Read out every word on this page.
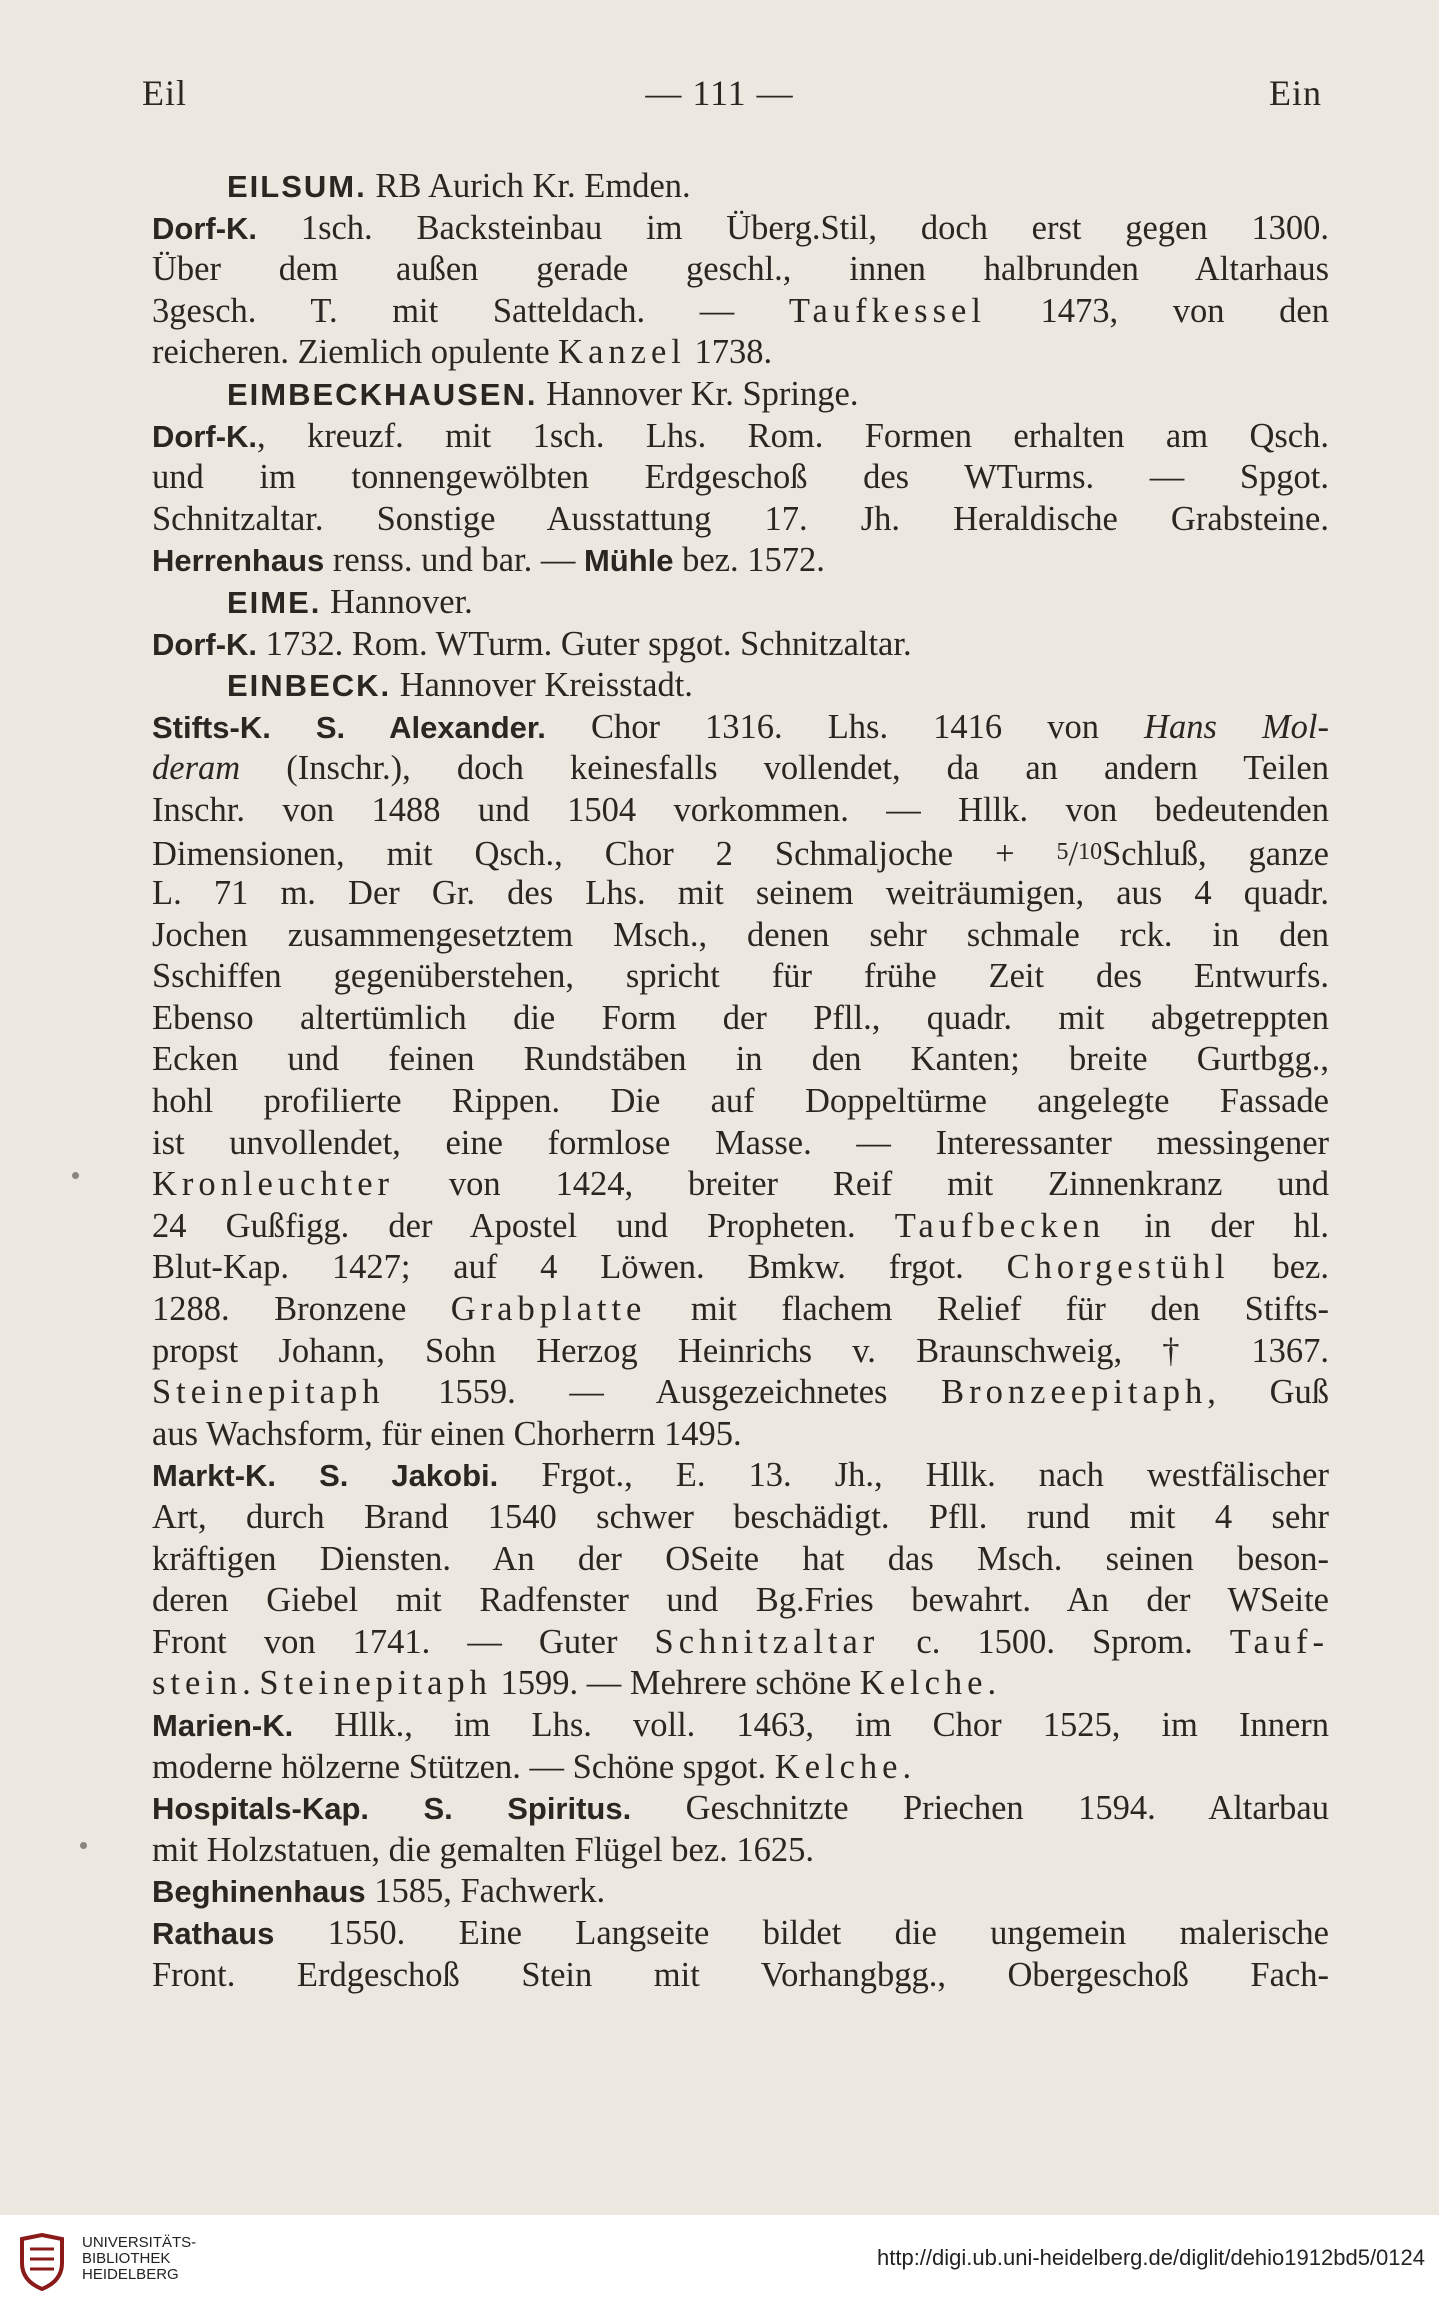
Eil	— 111 —	Ein
EILSUM. RB Aurich Kr. Emden.
Dorf-K. 1sch. Backsteinbau im Überg.Stil, doch erst gegen 1300.
Über dem außen gerade geschl., innen halbrunden Altarhaus
3gesch. T. mit Satteldach. — Taufkessel 1473, von den
reicheren. Ziemlich opulente Kanzel 1738.
EIMBECKHAUSEN. Hannover Kr. Springe.
Dorf-K., kreuzf. mit 1sch. Lhs. Rom. Formen erhalten am Qsch.
und im tonnengewölbten Erdgeschoß des WTurms. — Spgot.
Schnitzaltar. Sonstige Ausstattung 17. Jh. Heraldische Grabsteine.
Herrenhaus renss. und bar. — Mühle bez. 1572.
EIME. Hannover.
Dorf-K. 1732. Rom. WTurm. Guter spgot. Schnitzaltar.
EINBECK. Hannover Kreisstadt.
Stifts-K. S. Alexander. Chor 1316. Lhs. 1416 von Hans Mol-
deram (Inschr.), doch keinesfalls vollendet, da an andern Teilen
Inschr. von 1488 und 1504 vorkommen. — Hllk. von bedeutenden
Dimensionen, mit Qsch., Chor 2 Schmaljoche + 5/10Schluß, ganze
L. 71 m. Der Gr. des Lhs. mit seinem weiträumigen, aus 4 quadr.
Jochen zusammengesetztem Msch., denen sehr schmale rck. in den
Sschiffen gegenüberstehen, spricht für frühe Zeit des Entwurfs.
Ebenso altertümlich die Form der Pfll., quadr. mit abgetreppten
Ecken und feinen Rundstäben in den Kanten; breite Gurtbgg.,
hohl profilierte Rippen. Die auf Doppeltürme angelegte Fassade
ist unvollendet, eine formlose Masse. — Interessanter messingener
Kronleuchter von 1424, breiter Reif mit Zinnenkranz und
24 Gußfigg. der Apostel und Propheten. Taufbecken in der hl.
Blut-Kap. 1427; auf 4 Löwen. Bmkw. frgot. Chorgestühl bez.
1288. Bronzene Grabplatte mit flachem Relief für den Stifts-
propst Johann, Sohn Herzog Heinrichs v. Braunschweig, † 1367.
Steinepitaph 1559. — Ausgezeichnetes Bronzeepitaph, Guß
aus Wachsform, für einen Chorherrn 1495.
Markt-K. S. Jakobi. Frgot., E. 13. Jh., Hllk. nach westfälischer
Art, durch Brand 1540 schwer beschädigt. Pfll. rund mit 4 sehr
kräftigen Diensten. An der OSeite hat das Msch. seinen beson-
deren Giebel mit Radfenster und Bg.Fries bewahrt. An der WSeite
Front von 1741. — Guter Schnitzaltar c. 1500. Sprom. Tauf-
stein. Steinepitaph 1599. — Mehrere schöne Kelche.
Marien-K. Hllk., im Lhs. voll. 1463, im Chor 1525, im Innern
moderne hölzerne Stützen. — Schöne spgot. Kelche.
Hospitals-Kap. S. Spiritus. Geschnitzte Priechen 1594. Altarbau
mit Holzstatuen, die gemalten Flügel bez. 1625.
Beghinenhaus 1585, Fachwerk.
Rathaus 1550. Eine Langseite bildet die ungemein malerische
Front. Erdgeschoß Stein mit Vorhangbgg., Obergeschoß Fach-
UNIVERSITÄTS-
BIBLIOTHEK
HEIDELBERG
http://digi.ub.uni-heidelberg.de/diglit/dehio1912bd5/0124
